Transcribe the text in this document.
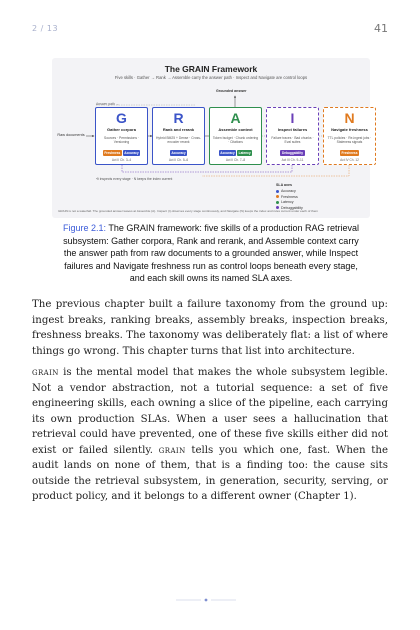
2 / 13	41
The GRAIN Framework
Five skills · Gather → Rank → Assemble carry the answer path · Inspect and Navigate are control loops
Grounded answer
Answer path →
Raw documents
G
Gather corpora
Sources · Permissions · Versioning
Freshness	Accuracy
Act II Ch. 3–4
R
Rank and rerank
Hybrid BM25 + Dense · Cross-encoder rerank
Accuracy
Act II Ch. 5–6
A
Assemble context
Token budget · Chunk ordering · Citations
Accuracy	Latency
Act II Ch. 7–8
I
Inspect failures
Failure traces · Bad chunks · Eval suites
Debuggability
Act III Ch. 9–11
N
Navigate freshness
TTL policies · Re-ingest jobs · Staleness signals
Freshness
Act IV Ch. 12
⟲ inspects every stage · N keeps the index current
SLA axes
Accuracy
Freshness
Latency
Debuggability
GRAIN is not a waterfall. The grounded answer leaves at Assemble (A). Inspect (I) observes every stage continuously, and Navigate (N) keeps the index and rules current under each of them
Figure 2.1: The GRAIN framework: five skills of a production RAG retrieval subsystem: Gather corpora, Rank and rerank, and Assemble context carry the answer path from raw documents to a grounded answer, while Inspect failures and Navigate freshness run as control loops beneath every stage, and each skill owns its named SLA axes.

The previous chapter built a failure taxonomy from the ground up: ingest breaks, ranking breaks, assembly breaks, inspection breaks, freshness breaks. The taxonomy was deliberately flat: a list of where things go wrong. This chapter turns that list into architecture.

grain is the mental model that makes the whole subsystem legible. Not a vendor abstraction, not a tutorial sequence: a set of five engineering skills, each owning a slice of the pipeline, each carrying its own production SLAs. When a user sees a hallucination that retrieval could have prevented, one of these five skills either did not exist or failed silently. grain tells you which one, fast. When the audit lands on none of them, that is a finding too: the cause sits outside the retrieval subsystem, in generation, security, serving, or product policy, and it belongs to a different owner (Chapter 1).
